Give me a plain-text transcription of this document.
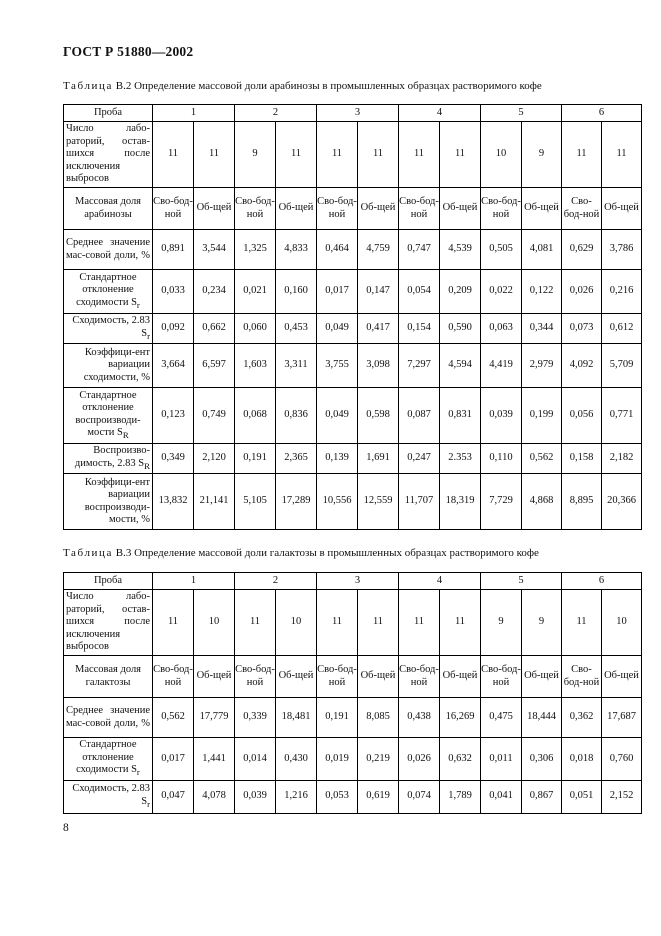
ГОСТ Р 51880—2002
Таблица В.2 Определение массовой доли арабинозы в промышленных образцах растворимого кофе
Проба	1		2		3		4		5		6	
Число лабо-раторий, остав-шихся после исключения выбросов	11	11	9	11	11	11	11	11	10	9	11	11
Массовая доля арабинозы	Сво-бод-ной	Об-щей	Сво-бод-ной	Об-щей	Сво-бод-ной	Об-щей	Сво-бод-ной	Об-щей	Сво-бод-ной	Об-щей	Сво-бод-ной	Об-щей
Среднее значение мас-совой доли, %	0,891	3,544	1,325	4,833	0,464	4,759	0,747	4,539	0,505	4,081	0,629	3,786
Стандартное отклонение сходимости $S_r$	0,033	0,234	0,021	0,160	0,017	0,147	0,054	0,209	0,022	0,122	0,026	0,216
Сходимость, 2.83 $S_r$	0,092	0,662	0,060	0,453	0,049	0,417	0,154	0,590	0,063	0,344	0,073	0,612
Коэффици-ент вариации сходимости, %	3,664	6,597	1,603	3,311	3,755	3,098	7,297	4,594	4,419	2,979	4,092	5,709
Стандартное отклонение воспроизводи-мости $S_R$	0,123	0,749	0,068	0,836	0,049	0,598	0,087	0,831	0,039	0,199	0,056	0,771
Воспроизво-димость, 2.83 $S_R$	0,349	2,120	0,191	2,365	0,139	1,691	0,247	2.353	0,110	0,562	0,158	2,182
Коэффици-ент вариации воспроизводи-мости, %	13,832	21,141	5,105	17,289	10,556	12,559	11,707	18,319	7,729	4,868	8,895	20,366
Таблица В.3 Определение массовой доли галактозы в промышленных образцах растворимого кофе
Проба	1		2		3		4		5		6	
Число лабо-раторий, остав-шихся после исключения выбросов	11	10	11	10	11	11	11	11	9	9	11	10
Массовая доля галактозы	Сво-бод-ной	Об-щей	Сво-бод-ной	Об-щей	Сво-бод-ной	Об-щей	Сво-бод-ной	Об-щей	Сво-бод-ной	Об-щей	Сво-бод-ной	Об-щей
Среднее значение мас-совой доли, %	0,562	17,779	0,339	18,481	0,191	8,085	0,438	16,269	0,475	18,444	0,362	17,687
Стандартное отклонение сходимости $S_r$	0,017	1,441	0,014	0,430	0,019	0,219	0,026	0,632	0,011	0,306	0,018	0,760
Сходимость, 2.83 $S_r$	0,047	4,078	0,039	1,216	0,053	0,619	0,074	1,789	0,041	0,867	0,051	2,152
8
